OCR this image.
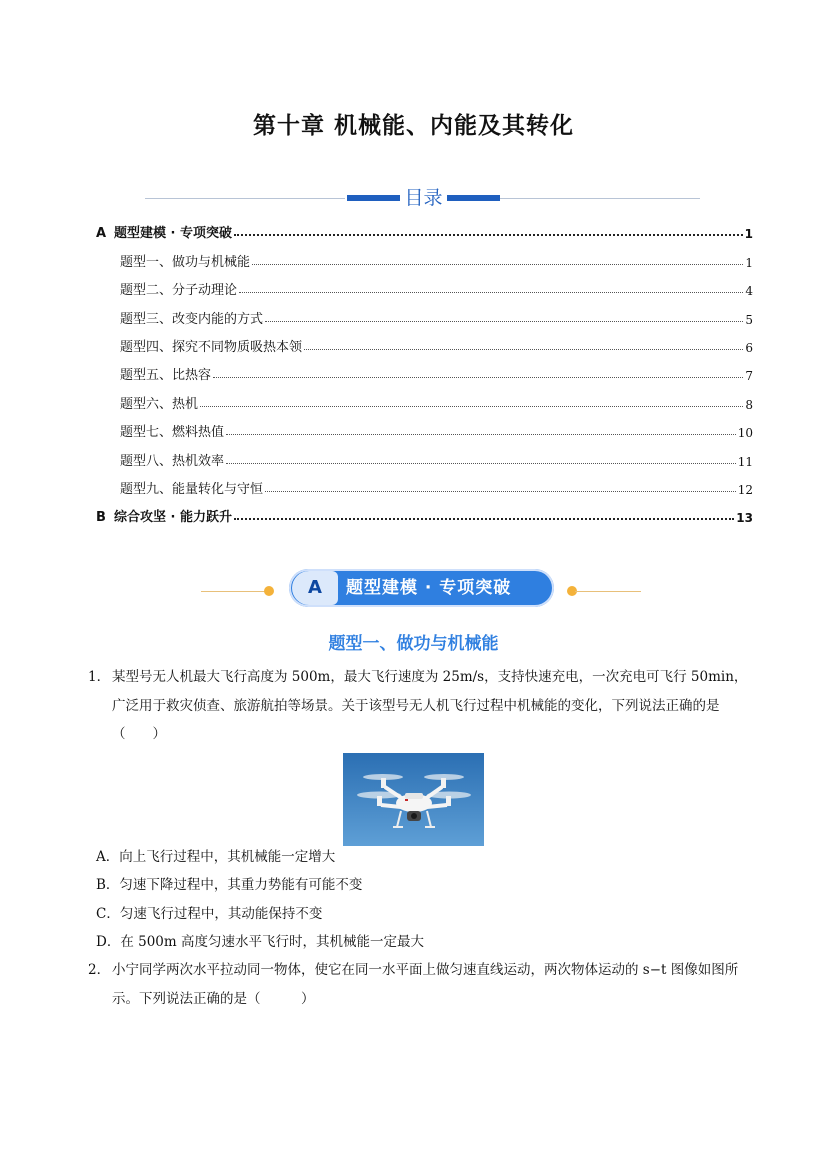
第十章 机械能、内能及其转化
目录
A 题型建模 · 专项突破	1
题型一、做功与机械能	1
题型二、分子动理论	4
题型三、改变内能的方式	5
题型四、探究不同物质吸热本领	6
题型五、比热容	7
题型六、热机	8
题型七、燃料热值	10
题型八、热机效率	11
题型九、能量转化与守恒	12
B 综合攻坚 · 能力跃升	13
A	题型建模 · 专项突破
题型一、做功与机械能
1． 某型号无人机最大飞行高度为 500m，最大飞行速度为 25m/s，支持快速充电，一次充电可飞行 50min，广泛用于救灾侦查、旅游航拍等场景。关于该型号无人机飞行过程中机械能的变化，下列说法正确的是（　　）
A．向上飞行过程中，其机械能一定增大
B．匀速下降过程中，其重力势能有可能不变
C．匀速飞行过程中，其动能保持不变
D．在 500m 高度匀速水平飞行时，其机械能一定最大
2． 小宁同学两次水平拉动同一物体，使它在同一水平面上做匀速直线运动，两次物体运动的 s−t 图像如图所示。下列说法正确的是（　　　）
